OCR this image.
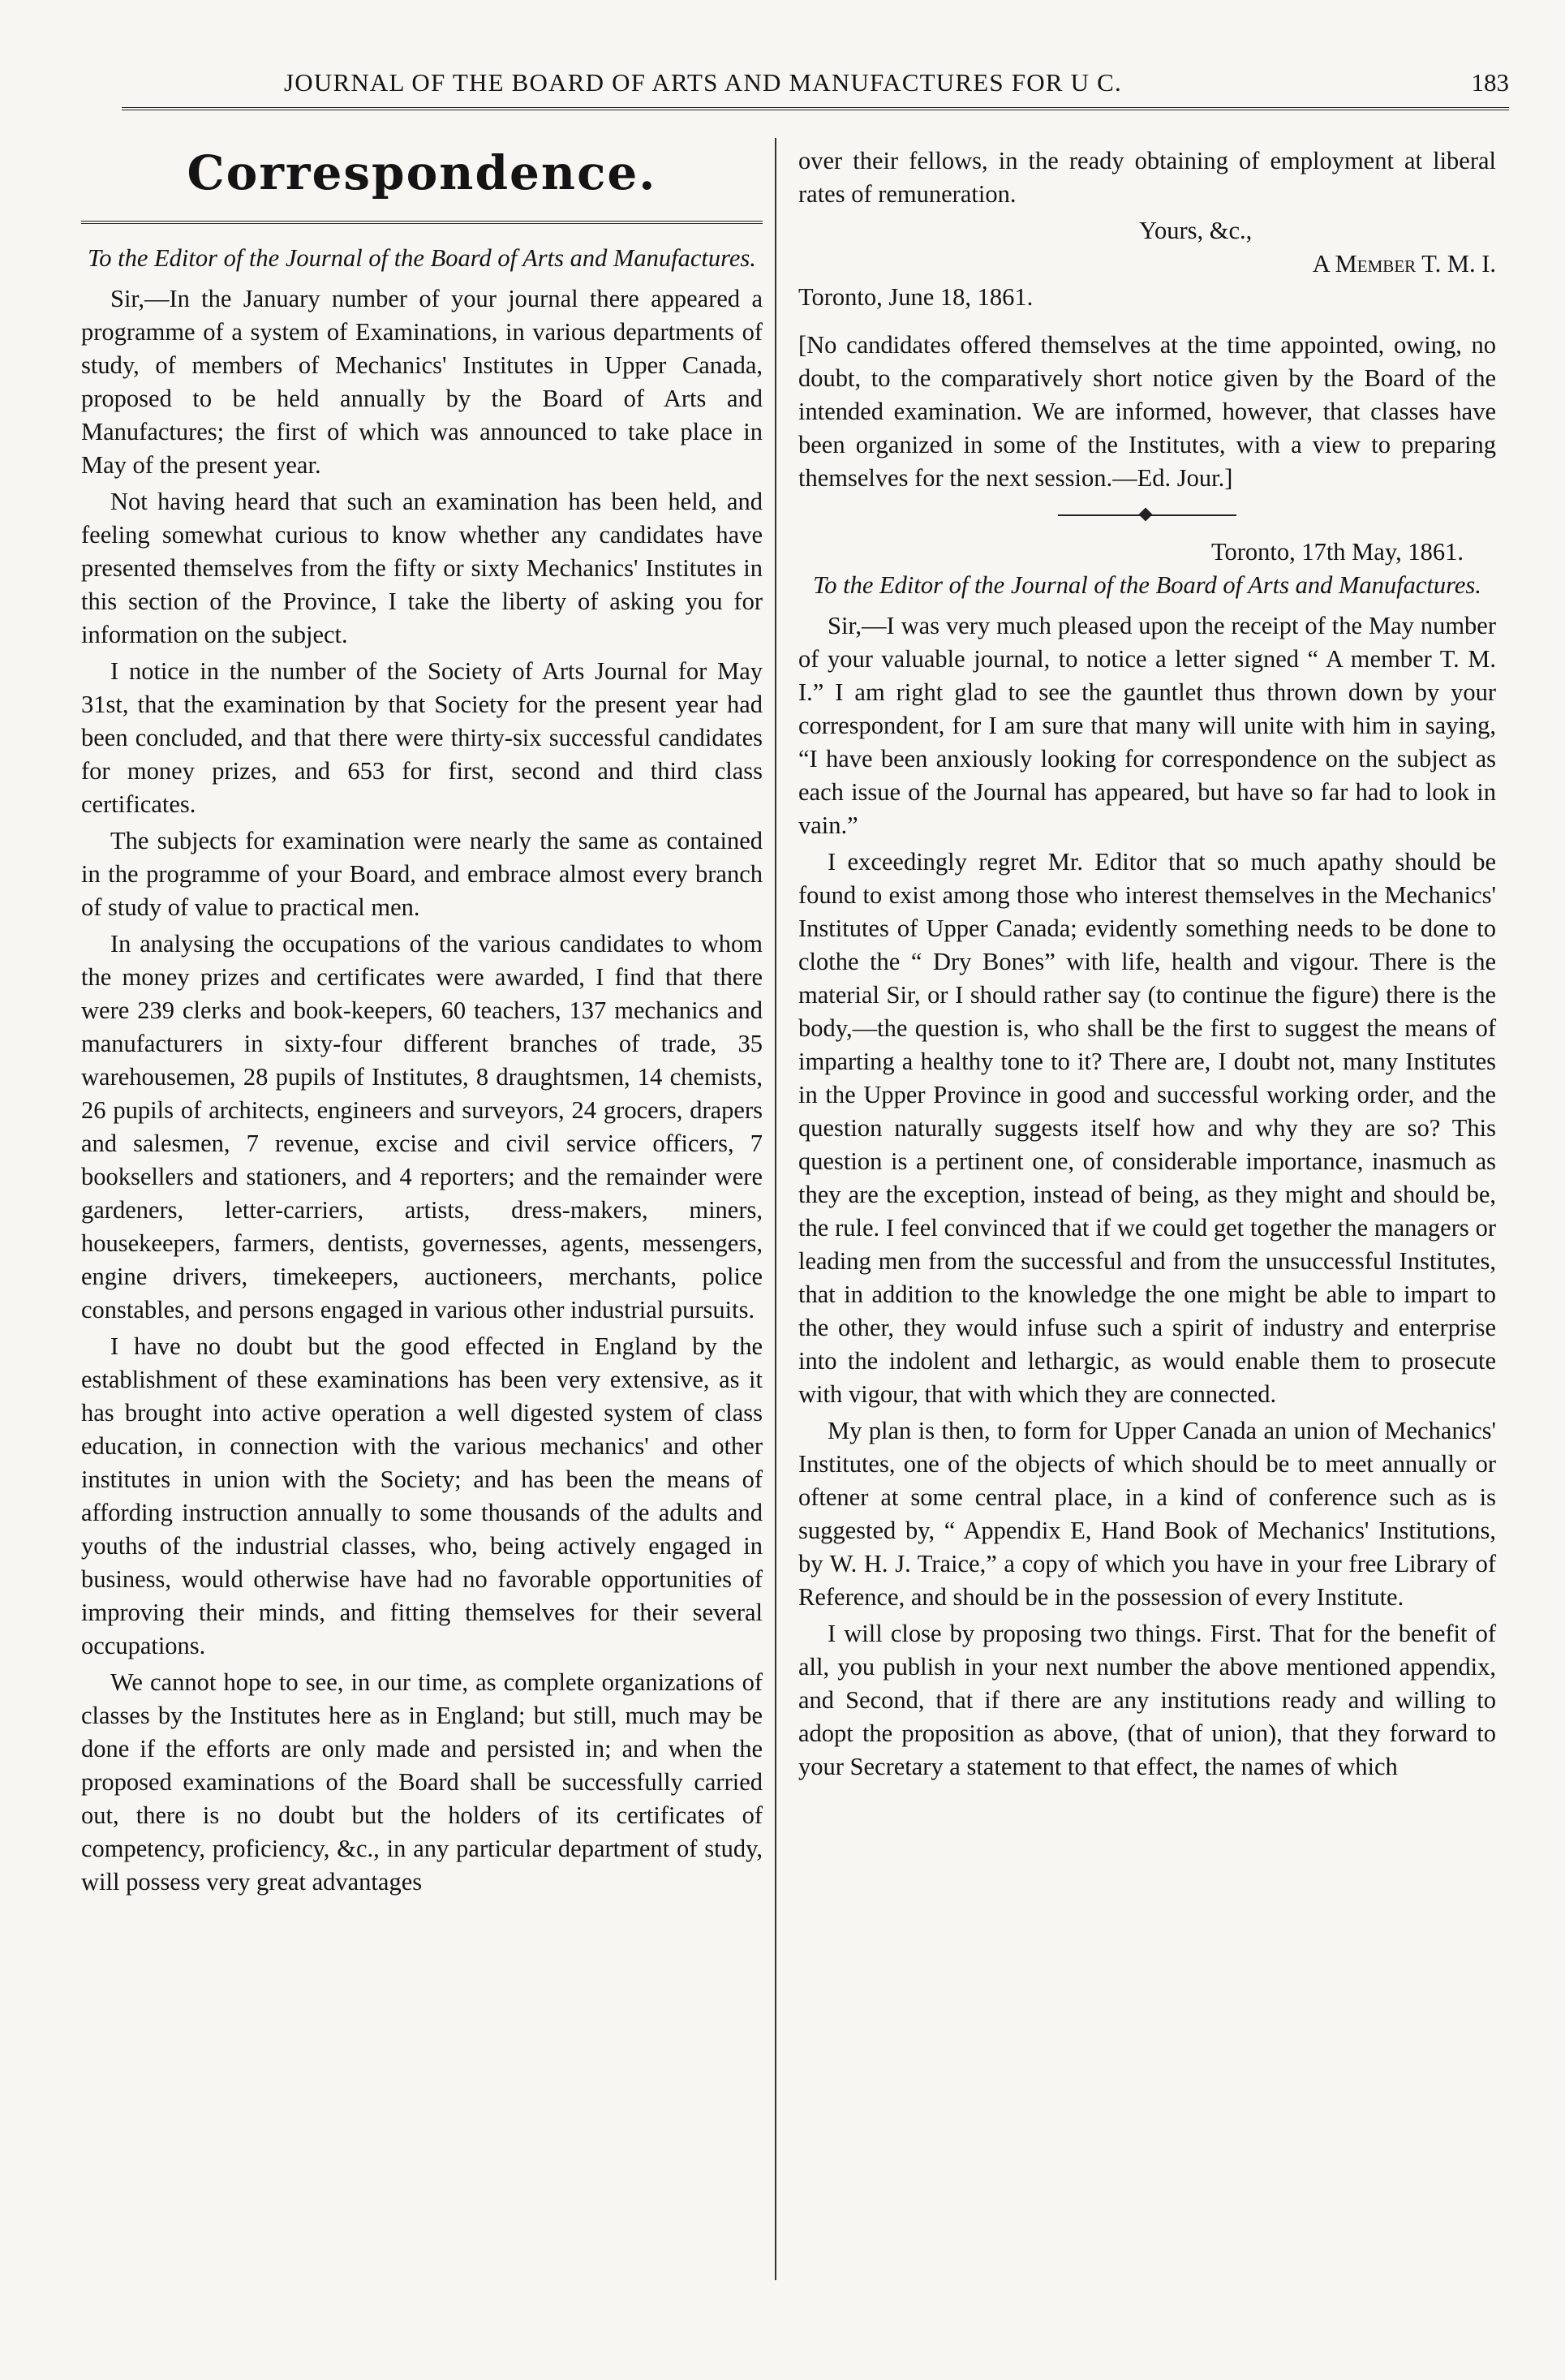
JOURNAL OF THE BOARD OF ARTS AND MANUFACTURES FOR U C.	183
Correspondence.
To the Editor of the Journal of the Board of Arts and Manufactures.

Sir,—In the January number of your journal there appeared a programme of a system of Examinations, in various departments of study, of members of Mechanics' Institutes in Upper Canada, proposed to be held annually by the Board of Arts and Manufactures; the first of which was announced to take place in May of the present year.

Not having heard that such an examination has been held, and feeling somewhat curious to know whether any candidates have presented themselves from the fifty or sixty Mechanics' Institutes in this section of the Province, I take the liberty of asking you for information on the subject.

I notice in the number of the Society of Arts Journal for May 31st, that the examination by that Society for the present year had been concluded, and that there were thirty-six successful candidates for money prizes, and 653 for first, second and third class certificates.

The subjects for examination were nearly the same as contained in the programme of your Board, and embrace almost every branch of study of value to practical men.

In analysing the occupations of the various candidates to whom the money prizes and certificates were awarded, I find that there were 239 clerks and book-keepers, 60 teachers, 137 mechanics and manufacturers in sixty-four different branches of trade, 35 warehousemen, 28 pupils of Institutes, 8 draughtsmen, 14 chemists, 26 pupils of architects, engineers and surveyors, 24 grocers, drapers and salesmen, 7 revenue, excise and civil service officers, 7 booksellers and stationers, and 4 reporters; and the remainder were gardeners, letter-carriers, artists, dress-makers, miners, housekeepers, farmers, dentists, governesses, agents, messengers, engine drivers, timekeepers, auctioneers, merchants, police constables, and persons engaged in various other industrial pursuits.

I have no doubt but the good effected in England by the establishment of these examinations has been very extensive, as it has brought into active operation a well digested system of class education, in connection with the various mechanics' and other institutes in union with the Society; and has been the means of affording instruction annually to some thousands of the adults and youths of the industrial classes, who, being actively engaged in business, would otherwise have had no favorable opportunities of improving their minds, and fitting themselves for their several occupations.

We cannot hope to see, in our time, as complete organizations of classes by the Institutes here as in England; but still, much may be done if the efforts are only made and persisted in; and when the proposed examinations of the Board shall be successfully carried out, there is no doubt but the holders of its certificates of competency, proficiency, &c., in any particular department of study, will possess very great advantages

over their fellows, in the ready obtaining of employment at liberal rates of remuneration.

Yours, &c.,

A Member T. M. I.

Toronto, June 18, 1861.

[No candidates offered themselves at the time appointed, owing, no doubt, to the comparatively short notice given by the Board of the intended examination. We are informed, however, that classes have been organized in some of the Institutes, with a view to preparing themselves for the next session.—Ed. Jour.]

Toronto, 17th May, 1861.

To the Editor of the Journal of the Board of Arts and Manufactures.

Sir,—I was very much pleased upon the receipt of the May number of your valuable journal, to notice a letter signed “ A member T. M. I.” I am right glad to see the gauntlet thus thrown down by your correspondent, for I am sure that many will unite with him in saying, “I have been anxiously looking for correspondence on the subject as each issue of the Journal has appeared, but have so far had to look in vain.”

I exceedingly regret Mr. Editor that so much apathy should be found to exist among those who interest themselves in the Mechanics' Institutes of Upper Canada; evidently something needs to be done to clothe the “ Dry Bones” with life, health and vigour. There is the material Sir, or I should rather say (to continue the figure) there is the body,—the question is, who shall be the first to suggest the means of imparting a healthy tone to it? There are, I doubt not, many Institutes in the Upper Province in good and successful working order, and the question naturally suggests itself how and why they are so? This question is a pertinent one, of considerable importance, inasmuch as they are the exception, instead of being, as they might and should be, the rule. I feel convinced that if we could get together the managers or leading men from the successful and from the unsuccessful Institutes, that in addition to the knowledge the one might be able to impart to the other, they would infuse such a spirit of industry and enterprise into the indolent and lethargic, as would enable them to prosecute with vigour, that with which they are connected.

My plan is then, to form for Upper Canada an union of Mechanics' Institutes, one of the objects of which should be to meet annually or oftener at some central place, in a kind of conference such as is suggested by, “ Appendix E, Hand Book of Mechanics' Institutions, by W. H. J. Traice,” a copy of which you have in your free Library of Reference, and should be in the possession of every Institute.

I will close by proposing two things. First. That for the benefit of all, you publish in your next number the above mentioned appendix, and Second, that if there are any institutions ready and willing to adopt the proposition as above, (that of union), that they forward to your Secretary a statement to that effect, the names of which
